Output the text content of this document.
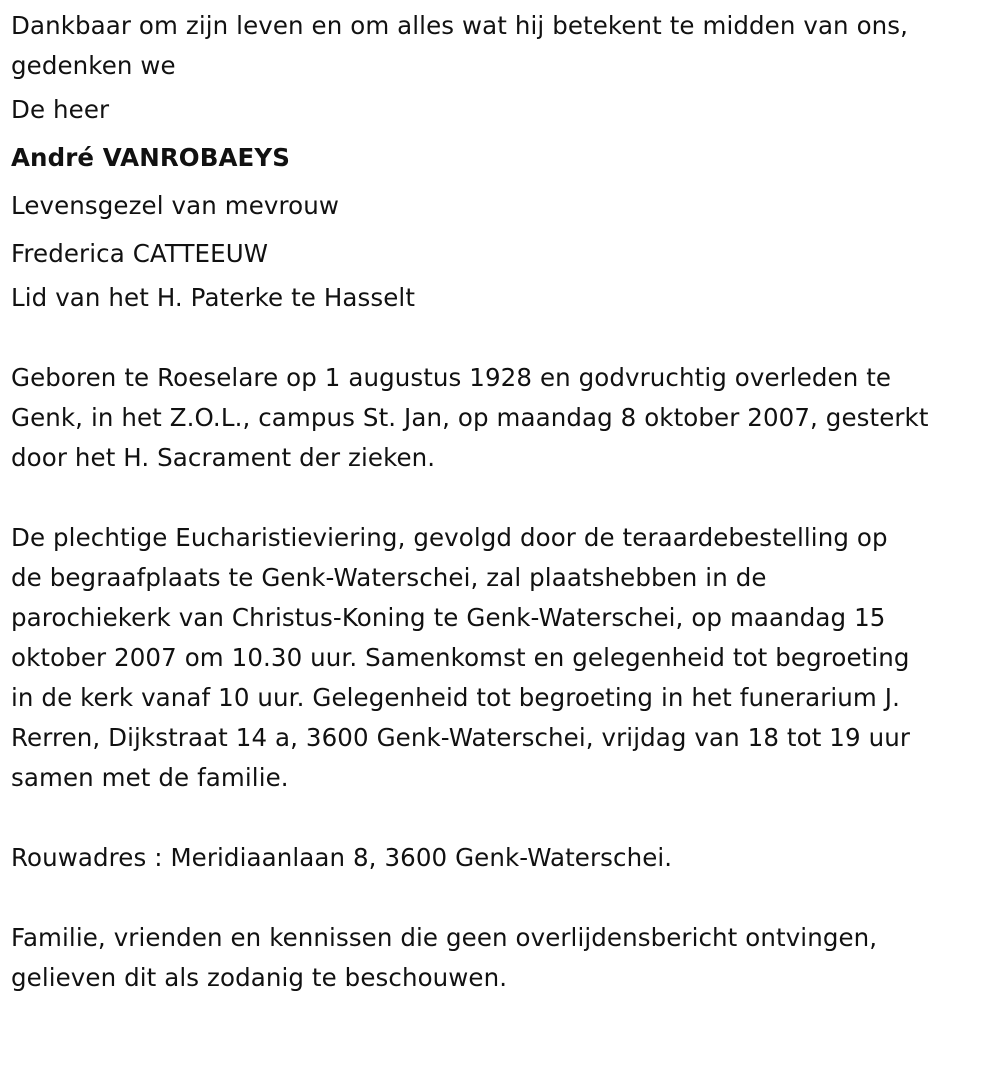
Dankbaar om zijn leven en om alles wat hij betekent te midden van ons,
gedenken we

De heer

André VANROBAEYS

Levensgezel van mevrouw

Frederica CATTEEUW

Lid van het H. Paterke te Hasselt

Geboren te Roeselare op 1 augustus 1928 en godvruchtig overleden te
Genk, in het Z.O.L., campus St. Jan, op maandag 8 oktober 2007, gesterkt
door het H. Sacrament der zieken.

De plechtige Eucharistieviering, gevolgd door de teraardebestelling op
de begraafplaats te Genk-Waterschei, zal plaatshebben in de
parochiekerk van Christus-Koning te Genk-Waterschei, op maandag 15
oktober 2007 om 10.30 uur. Samenkomst en gelegenheid tot begroeting
in de kerk vanaf 10 uur. Gelegenheid tot begroeting in het funerarium J.
Rerren, Dijkstraat 14 a, 3600 Genk-Waterschei, vrijdag van 18 tot 19 uur
samen met de familie.

Rouwadres : Meridiaanlaan 8, 3600 Genk-Waterschei.

Familie, vrienden en kennissen die geen overlijdensbericht ontvingen,
gelieven dit als zodanig te beschouwen.
